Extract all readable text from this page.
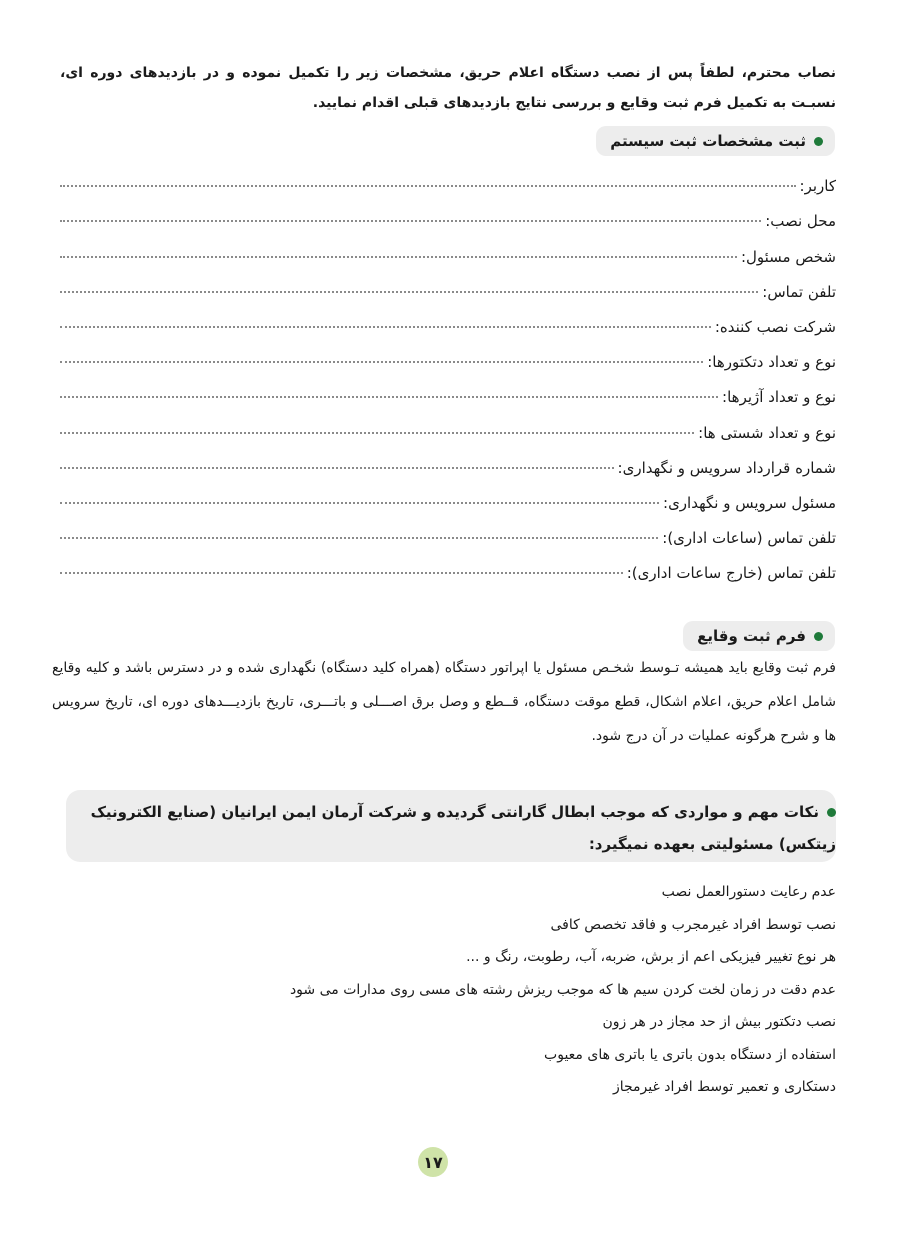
نصاب محترم، لطفاً پس از نصب دستگاه اعلام حریق، مشخصات زیر را تکمیل نموده و در بازدیدهای دوره ای، نسبـت به تکمیل فرم ثبت وقایع و بررسی نتایج بازدیدهای قبلی اقدام نمایید.
ثبت مشخصات ثبت سیستم
کاربر:
محل نصب:
شخص مسئول:
تلفن تماس:
شرکت نصب کننده:
نوع و تعداد دتکتورها:
نوع و تعداد آژیرها:
نوع و تعداد شستی ها:
شماره قرارداد سرویس و نگهداری:
مسئول سرویس و نگهداری:
تلفن تماس (ساعات اداری):
تلفن تماس (خارج ساعات اداری):
فرم ثبت وقایع
فرم ثبت وقایع باید همیشه تـوسط شخـص مسئول یا اپراتور دستگاه (همراه کلید دستگاه) نگهداری شده و در دسترس باشد و کلیه وقایع شامل اعلام حریق، اعلام اشکال، قطع موقت دستگاه، قــطع و وصل برق اصـــلی و باتـــری، تاریخ بازدیـــدهای دوره ای، تاریخ سرویس ها و شرح هرگونه عملیات در آن درج شود.
نکات مهم و مواردی که موجب ابطال گارانتی گردیده و شرکت آرمان ایمن ایرانیان (صنایع الکترونیک زیتکس) مسئولیتی بعهده نمیگیرد:
عدم رعایت دستورالعمل نصب
نصب توسط افراد غیرمجرب و فاقد تخصص کافی
هر نوع تغییر فیزیکی اعم از برش، ضربه، آب، رطوبت، رنگ و ...
عدم دقت در زمان لخت کردن سیم ها که موجب ریزش رشته های مسی روی مدارات می شود
نصب دتکتور بیش از حد مجاز در هر زون
استفاده از دستگاه بدون باتری یا باتری های معیوب
دستکاری و تعمیر توسط افراد غیرمجاز
۱۷
